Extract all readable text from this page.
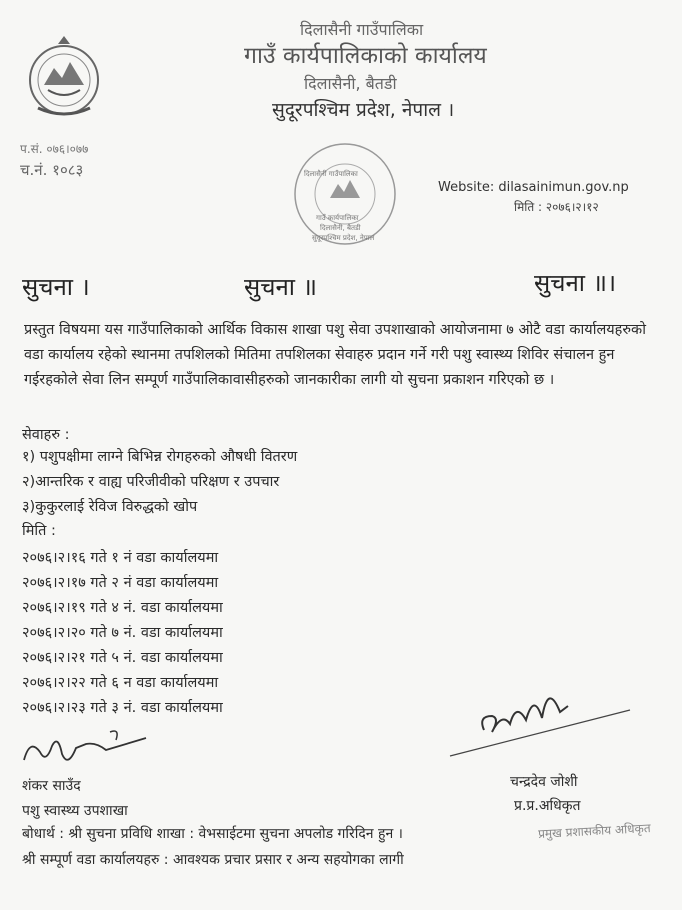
दिलासैनी गाउँपालिका
गाउँ कार्यपालिकाको कार्यालय
दिलासैनी, बैतडी
सुदूरपश्चिम प्रदेश, नेपाल ।
प.सं. ०७६।०७७
च.नं. १०८३	दिलासैनी गाउँपालिका
गाउँ कार्यपालिका
दिलासैनी, बैतडी
सुदूरपश्चिम प्रदेश, नेपाल
Website: dilasainimun.gov.np
मिति : २०७६।२।१२
सुचना ।	सुचना ॥	सुचना ॥।
प्रस्तुत विषयमा यस गाउँपालिकाको आर्थिक विकास शाखा पशु सेवा उपशाखाको आयोजनामा ७ ओटै वडा कार्यालयहरुको वडा कार्यालय रहेको स्थानमा तपशिलको मितिमा तपशिलका सेवाहरु प्रदान गर्ने गरी पशु स्वास्थ्य शिविर संचालन हुन गईरहकोले सेवा लिन सम्पूर्ण गाउँपालिकावासीहरुको जानकारीका लागी यो सुचना प्रकाशन गरिएको छ ।
सेवाहरु :
१) पशुपक्षीमा लाग्ने बिभिन्न रोगहरुको औषधी वितरण
२)आन्तरिक र वाह्य परिजीवीको परिक्षण र उपचार
३)कुकुरलाई रेविज विरुद्धको खोप
मिति :
२०७६।२।१६ गते १ नं वडा कार्यालयमा
२०७६।२।१७ गते २ नं वडा कार्यालयमा
२०७६।२।१९ गते ४ नं. वडा कार्यालयमा
२०७६।२।२० गते ७ नं. वडा कार्यालयमा
२०७६।२।२१ गते ५ नं. वडा कार्यालयमा
२०७६।२।२२ गते ६ न वडा कार्यालयमा
२०७६।२।२३ गते ३ नं. वडा कार्यालयमा
शंकर साउँद
पशु स्वास्थ्य उपशाखा
चन्द्रदेव जोशी
प्र.प्र.अधिकृत
प्रमुख प्रशासकीय अधिकृत
बोधार्थ : श्री सुचना प्रविधि शाखा : वेभसाईटमा सुचना अपलोड गरिदिन हुन ।
श्री सम्पूर्ण वडा कार्यालयहरु : आवश्यक प्रचार प्रसार र अन्य सहयोगका लागी
